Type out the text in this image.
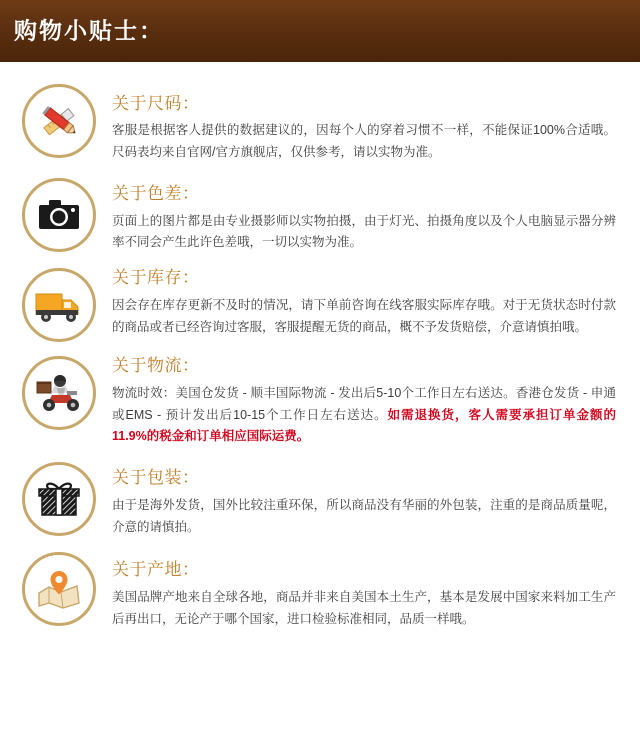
购物小贴士：

关于尺码：

客服是根据客人提供的数据建议的，因每个人的穿着习惯不一样，不能保证100%合适哦。尺码表均来自官网/官方旗舰店，仅供参考，请以实物为准。

关于色差：

页面上的图片都是由专业摄影师以实物拍摄，由于灯光、拍摄角度以及个人电脑显示器分辨率不同会产生此许色差哦，一切以实物为准。

关于库存：

因会存在库存更新不及时的情况，请下单前咨询在线客服实际库存哦。对于无货状态时付款的商品或者已经咨询过客服，客服提醒无货的商品，概不予发货赔偿，介意请慎拍哦。

关于物流：

物流时效：美国仓发货 - 顺丰国际物流 - 发出后5-10个工作日左右送达。香港仓发货 - 申通或EMS - 预计发出后10-15个工作日左右送达。如需退换货，客人需要承担订单金额的11.9%的税金和订单相应国际运费。

关于包装：

由于是海外发货，国外比较注重环保，所以商品没有华丽的外包装，注重的是商品质量呢，介意的请慎拍。

关于产地：

美国品牌产地来自全球各地，商品并非来自美国本土生产，基本是发展中国家来料加工生产后再出口，无论产于哪个国家，进口检验标准相同，品质一样哦。
